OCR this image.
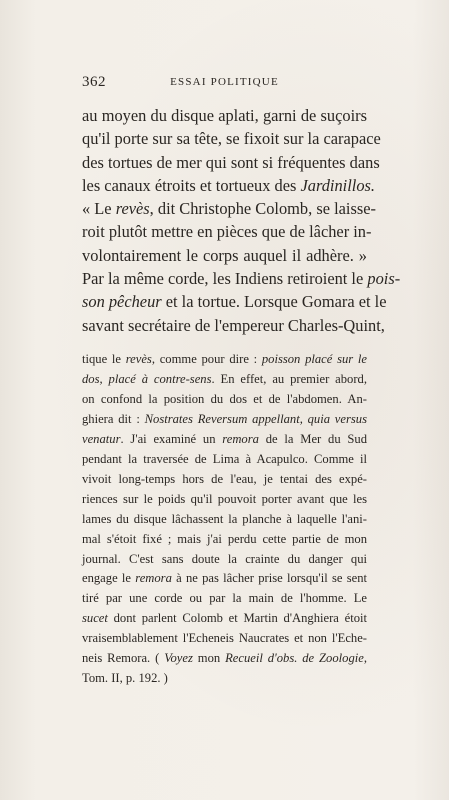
362	ESSAI POLITIQUE
au moyen du disque aplati, garni de suçoirs
qu'il porte sur sa tête, se fixoit sur la carapace
des tortues de mer qui sont si fréquentes dans
les canaux étroits et tortueux des Jardinillos.
« Le revès, dit Christophe Colomb, se laisse-
roit plutôt mettre en pièces que de lâcher in-
volontairement le corps auquel il adhère. »
Par la même corde, les Indiens retiroient le pois-
son pêcheur et la tortue. Lorsque Gomara et le
savant secrétaire de l'empereur Charles-Quint,
tique le revès, comme pour dire : poisson placé sur le
dos, placé à contre-sens. En effet, au premier abord,
on confond la position du dos et de l'abdomen. An-
ghiera dit : Nostrates Reversum appellant, quia versus
venatur. J'ai examiné un remora de la Mer du Sud
pendant la traversée de Lima à Acapulco. Comme il
vivoit long-temps hors de l'eau, je tentai des expé-
riences sur le poids qu'il pouvoit porter avant que les
lames du disque lâchassent la planche à laquelle l'ani-
mal s'étoit fixé ; mais j'ai perdu cette partie de mon
journal. C'est sans doute la crainte du danger qui
engage le remora à ne pas lâcher prise lorsqu'il se sent
tiré par une corde ou par la main de l'homme. Le
sucet dont parlent Colomb et Martin d'Anghiera étoit
vraisemblablement l'Echeneis Naucrates et non l'Eche-
neis Remora. ( Voyez mon Recueil d'obs. de Zoologie,
Tom. II, p. 192. )
